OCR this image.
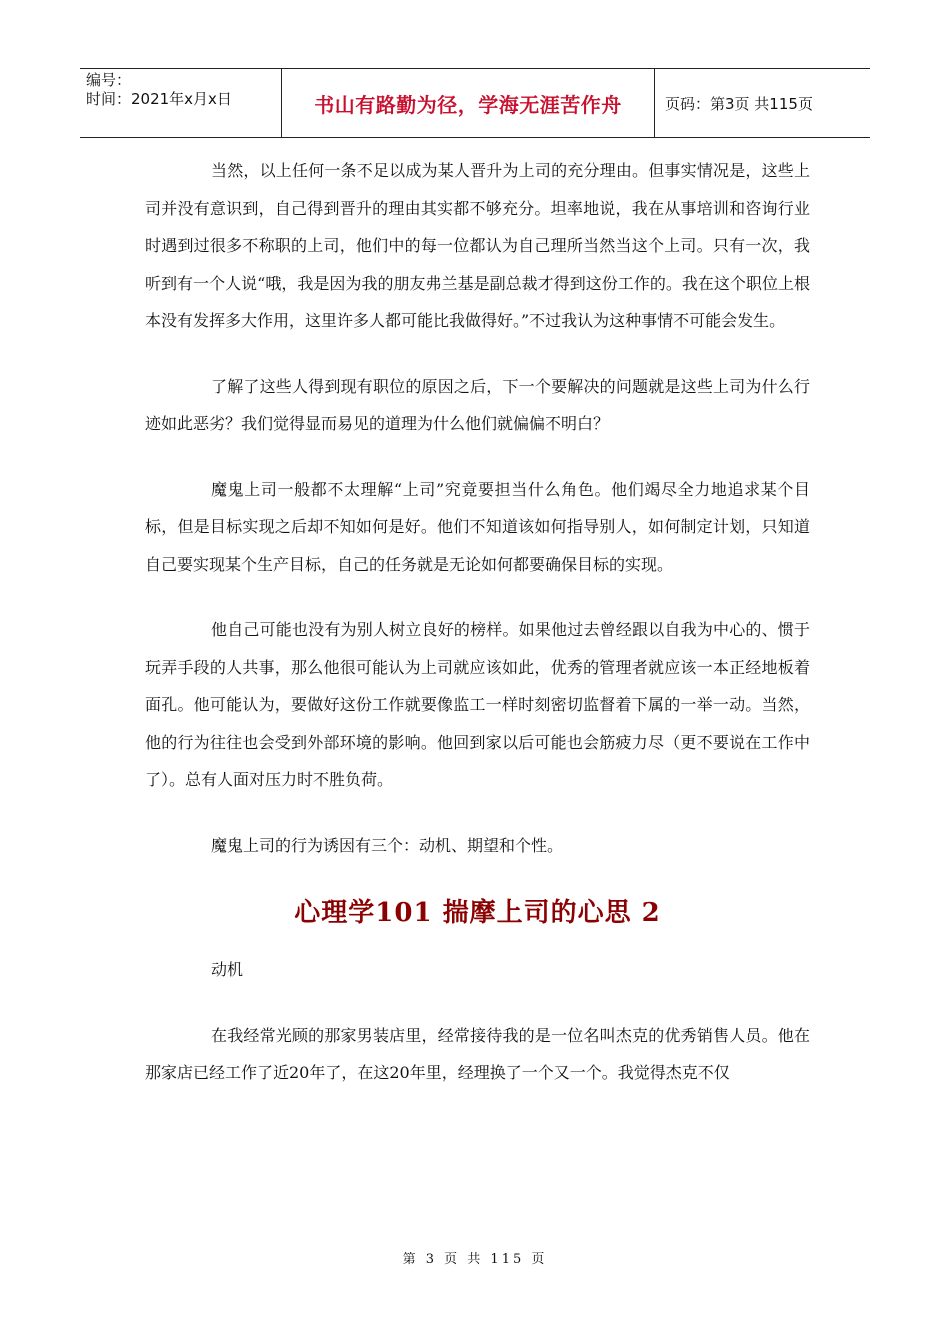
编号：
时间：2021年x月x日	书山有路勤为径，学海无涯苦作舟	页码：第3页 共115页

当然，以上任何一条不足以成为某人晋升为上司的充分理由。但事实情况是，这些上司并没有意识到，自己得到晋升的理由其实都不够充分。坦率地说，我在从事培训和咨询行业时遇到过很多不称职的上司，他们中的每一位都认为自己理所当然当这个上司。只有一次，我听到有一个人说“哦，我是因为我的朋友弗兰基是副总裁才得到这份工作的。我在这个职位上根本没有发挥多大作用，这里许多人都可能比我做得好。”不过我认为这种事情不可能会发生。

了解了这些人得到现有职位的原因之后，下一个要解决的问题就是这些上司为什么行迹如此恶劣？我们觉得显而易见的道理为什么他们就偏偏不明白？

魔鬼上司一般都不太理解“上司”究竟要担当什么角色。他们竭尽全力地追求某个目标，但是目标实现之后却不知如何是好。他们不知道该如何指导别人，如何制定计划，只知道自己要实现某个生产目标，自己的任务就是无论如何都要确保目标的实现。

他自己可能也没有为别人树立良好的榜样。如果他过去曾经跟以自我为中心的、惯于玩弄手段的人共事，那么他很可能认为上司就应该如此，优秀的管理者就应该一本正经地板着面孔。他可能认为，要做好这份工作就要像监工一样时刻密切监督着下属的一举一动。当然，他的行为往往也会受到外部环境的影响。他回到家以后可能也会筋疲力尽（更不要说在工作中了）。总有人面对压力时不胜负荷。

魔鬼上司的行为诱因有三个：动机、期望和个性。

心理学101 揣摩上司的心思 2

动机

在我经常光顾的那家男装店里，经常接待我的是一位名叫杰克的优秀销售人员。他在那家店已经工作了近20年了，在这20年里，经理换了一个又一个。我觉得杰克不仅

第 3 页 共 115 页
